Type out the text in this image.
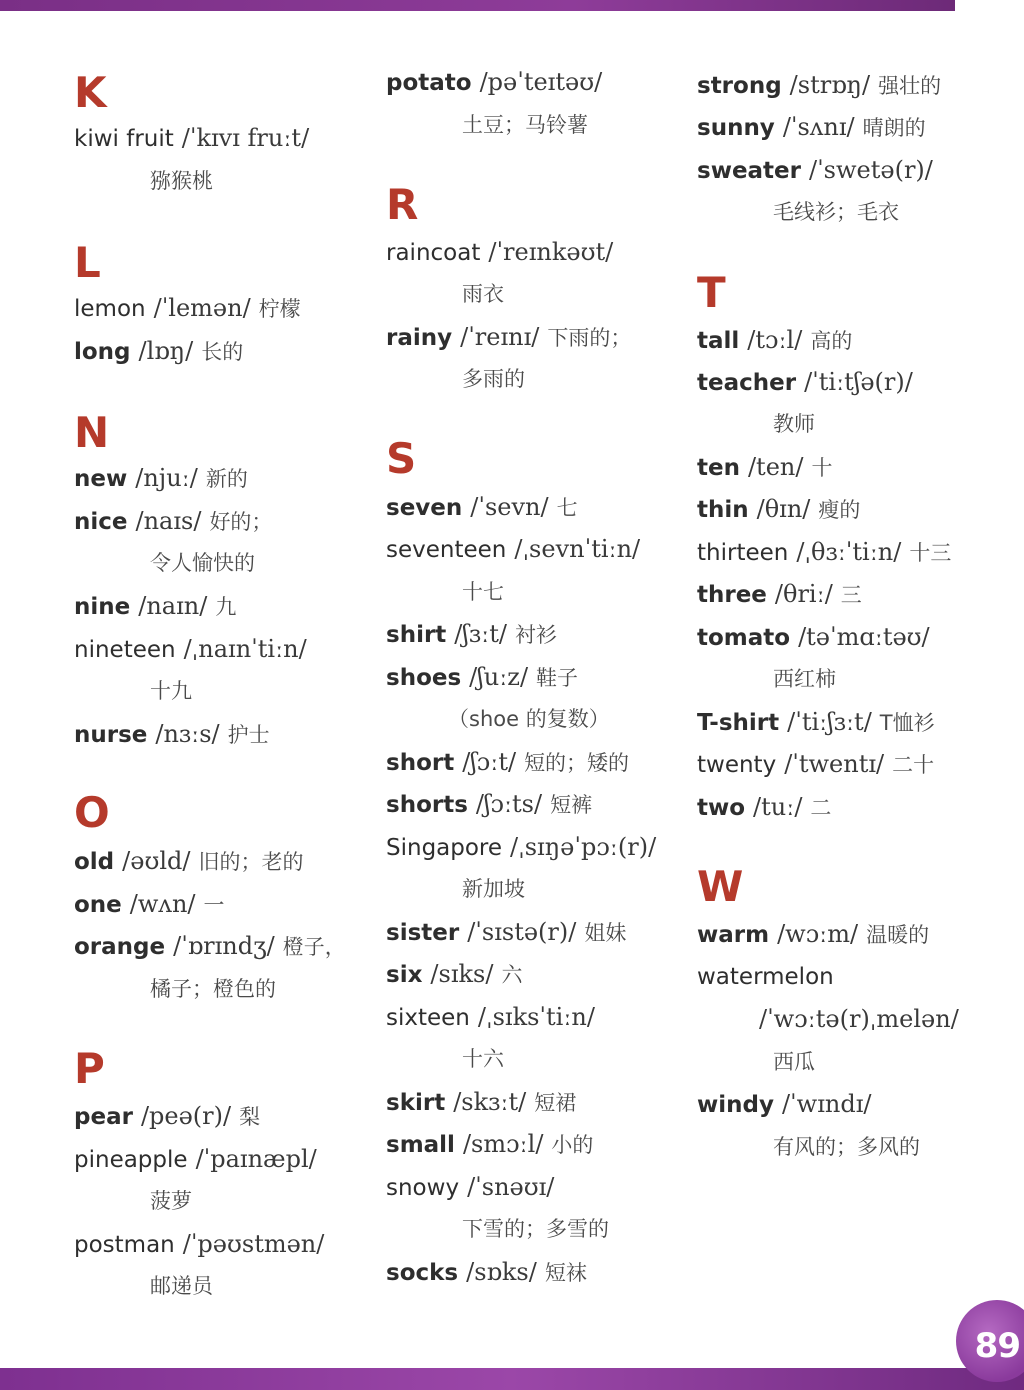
K
kiwi fruit /ˈkɪvɪ fruːt/
猕猴桃
L
lemon /ˈlemən/ 柠檬
long /lɒŋ/ 长的
N
new /njuː/ 新的
nice /naɪs/ 好的；
令人愉快的
nine /naɪn/ 九
nineteen /ˌnaɪnˈtiːn/
十九
nurse /nɜːs/ 护士
O
old /əʊld/ 旧的；老的
one /wʌn/ 一
orange /ˈɒrɪndʒ/ 橙子，
橘子；橙色的
P
pear /peə(r)/ 梨
pineapple /ˈpaɪnæpl/
菠萝
postman /ˈpəʊstmən/
邮递员
potato /pəˈteɪtəʊ/
土豆；马铃薯
R
raincoat /ˈreɪnkəʊt/
雨衣
rainy /ˈreɪnɪ/ 下雨的；
多雨的
S
seven /ˈsevn/ 七
seventeen /ˌsevnˈtiːn/
十七
shirt /ʃɜːt/ 衬衫
shoes /ʃuːz/ 鞋子
（shoe 的复数）
short /ʃɔːt/ 短的；矮的
shorts /ʃɔːts/ 短裤
Singapore /ˌsɪŋəˈpɔː(r)/
新加坡
sister /ˈsɪstə(r)/ 姐妹
six /sɪks/ 六
sixteen /ˌsɪksˈtiːn/
十六
skirt /skɜːt/ 短裙
small /smɔːl/ 小的
snowy /ˈsnəʊɪ/
下雪的；多雪的
socks /sɒks/ 短袜
strong /strɒŋ/ 强壮的
sunny /ˈsʌnɪ/ 晴朗的
sweater /ˈswetə(r)/
毛线衫；毛衣
T
tall /tɔːl/ 高的
teacher /ˈtiːtʃə(r)/
教师
ten /ten/ 十
thin /θɪn/ 瘦的
thirteen /ˌθɜːˈtiːn/ 十三
three /θriː/ 三
tomato /təˈmɑːtəʊ/
西红柿
T-shirt /ˈtiːʃɜːt/ T恤衫
twenty /ˈtwentɪ/ 二十
two /tuː/ 二
W
warm /wɔːm/ 温暖的
watermelon
/ˈwɔːtə(r)ˌmelən/
西瓜
windy /ˈwɪndɪ/
有风的；多风的
89
